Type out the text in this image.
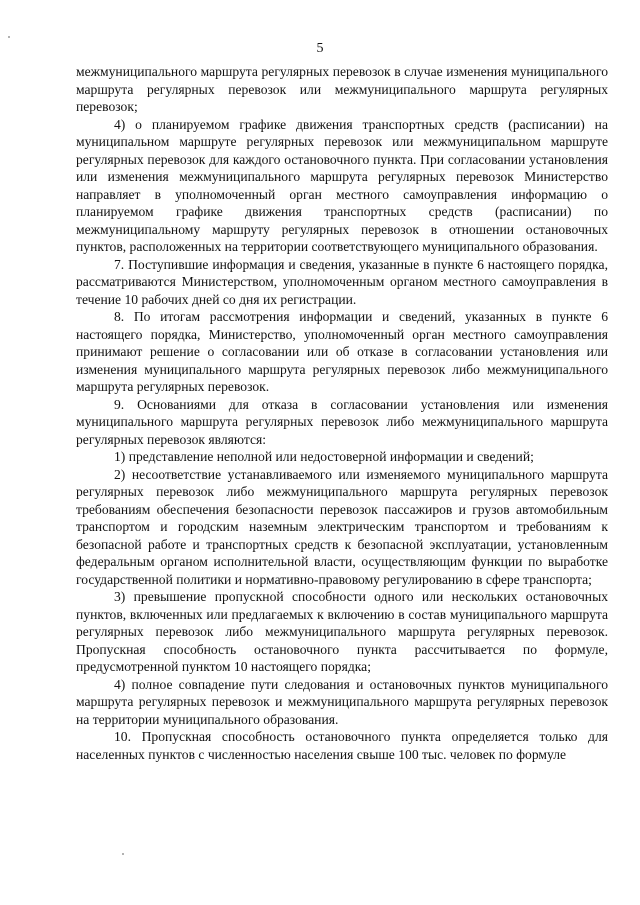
5

межмуниципального маршрута регулярных перевозок в случае изменения муниципального маршрута регулярных перевозок или межмуниципального маршрута регулярных перевозок;

4) о планируемом графике движения транспортных средств (расписании) на муниципальном маршруте регулярных перевозок или межмуниципальном маршруте регулярных перевозок для каждого остановочного пункта. При согласовании установления или изменения межмуниципального маршрута регулярных перевозок Министерство направляет в уполномоченный орган местного самоуправления информацию о планируемом графике движения транспортных средств (расписании) по межмуниципальному маршруту регулярных перевозок в отношении остановочных пунктов, расположенных на территории соответствующего муниципального образования.

7. Поступившие информация и сведения, указанные в пункте 6 настоящего порядка, рассматриваются Министерством, уполномоченным органом местного самоуправления в течение 10 рабочих дней со дня их регистрации.

8. По итогам рассмотрения информации и сведений, указанных в пункте 6 настоящего порядка, Министерство, уполномоченный орган местного самоуправления принимают решение о согласовании или об отказе в согласовании установления или изменения муниципального маршрута регулярных перевозок либо межмуниципального маршрута регулярных перевозок.

9. Основаниями для отказа в согласовании установления или изменения муниципального маршрута регулярных перевозок либо межмуниципального маршрута регулярных перевозок являются:

1) представление неполной или недостоверной информации и сведений;

2) несоответствие устанавливаемого или изменяемого муниципального маршрута регулярных перевозок либо межмуниципального маршрута регулярных перевозок требованиям обеспечения безопасности перевозок пассажиров и грузов автомобильным транспортом и городским наземным электрическим транспортом и требованиям к безопасной работе и транспортных средств к безопасной эксплуатации, установленным федеральным органом исполнительной власти, осуществляющим функции по выработке государственной политики и нормативно-правовому регулированию в сфере транспорта;

3) превышение пропускной способности одного или нескольких остановочных пунктов, включенных или предлагаемых к включению в состав муниципального маршрута регулярных перевозок либо межмуниципального маршрута регулярных перевозок. Пропускная способность остановочного пункта рассчитывается по формуле, предусмотренной пунктом 10 настоящего порядка;

4) полное совпадение пути следования и остановочных пунктов муниципального маршрута регулярных перевозок и межмуниципального маршрута регулярных перевозок на территории муниципального образования.

10. Пропускная способность остановочного пункта определяется только для населенных пунктов с численностью населения свыше 100 тыс. человек по формуле
